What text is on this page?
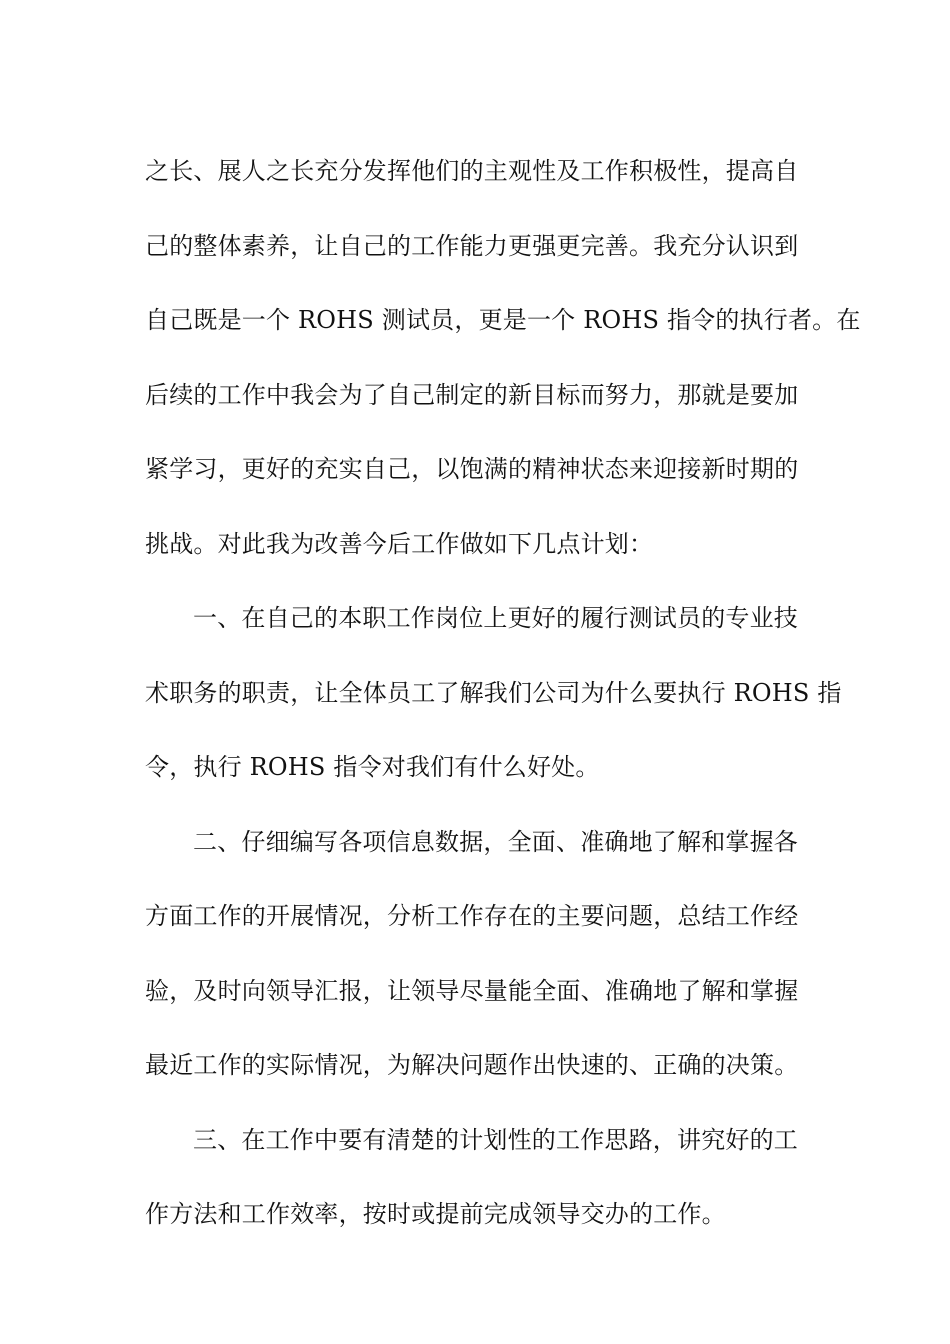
之长、展人之长充分发挥他们的主观性及工作积极性，提高自
己的整体素养，让自己的工作能力更强更完善。我充分认识到
自己既是一个 ROHS 测试员，更是一个 ROHS 指令的执行者。在
后续的工作中我会为了自己制定的新目标而努力，那就是要加
紧学习，更好的充实自己，以饱满的精神状态来迎接新时期的
挑战。对此我为改善今后工作做如下几点计划：
一、在自己的本职工作岗位上更好的履行测试员的专业技
术职务的职责，让全体员工了解我们公司为什么要执行 ROHS 指
令，执行 ROHS 指令对我们有什么好处。
二、仔细编写各项信息数据，全面、准确地了解和掌握各
方面工作的开展情况，分析工作存在的主要问题，总结工作经
验，及时向领导汇报，让领导尽量能全面、准确地了解和掌握
最近工作的实际情况，为解决问题作出快速的、正确的决策。
三、在工作中要有清楚的计划性的工作思路，讲究好的工
作方法和工作效率，按时或提前完成领导交办的工作。
